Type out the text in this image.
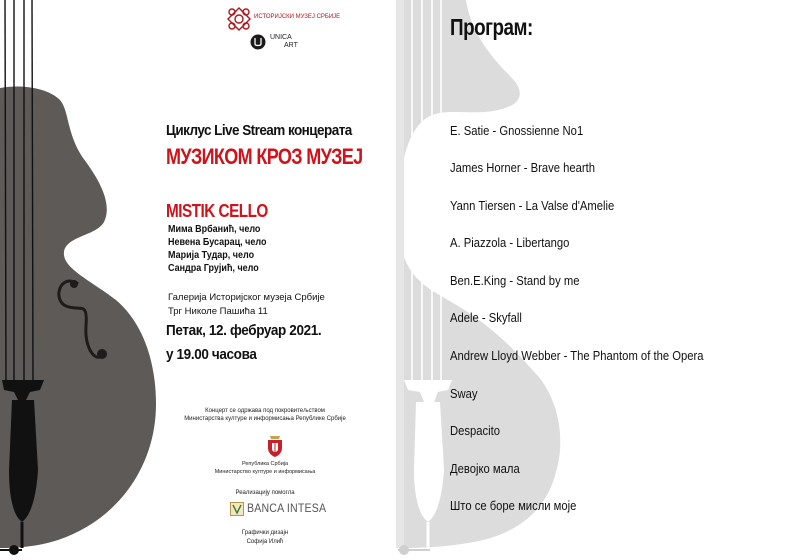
ИСТОРИЈСКИ МУЗЕЈ СРБИЈЕ
UNICA
ART
Циклус Live Stream концерата
МУЗИКОМ КРОЗ МУЗЕЈ
MISTIK CELLO
Мима Врбанић, чело
Невена Бусарац, чело
Марија Тудар, чело
Сандра Грујић, чело
Галерија Историјског музеја Србије
Трг Николе Пашића 11
Петак, 12. фебруар 2021.
у 19.00 часова
Концерт се одржава под покровитељством
Министарства културе и информисања Републике Србије
Република Србија
Министарство културе и информисања
Реализацију помогла
BANCA INTESA
Графички дизајн
Софија Илић
Програм:
E. Satie - Gnossienne No1
James Horner - Brave hearth
Yann Tiersen - La Valse d'Amelie
A. Piazzola - Libertango
Ben.E.King - Stand by me
Adele - Skyfall
Andrew Lloyd Webber - The Phantom of the Opera
Sway
Despacito
Девојко мала
Што се боре мисли моје
